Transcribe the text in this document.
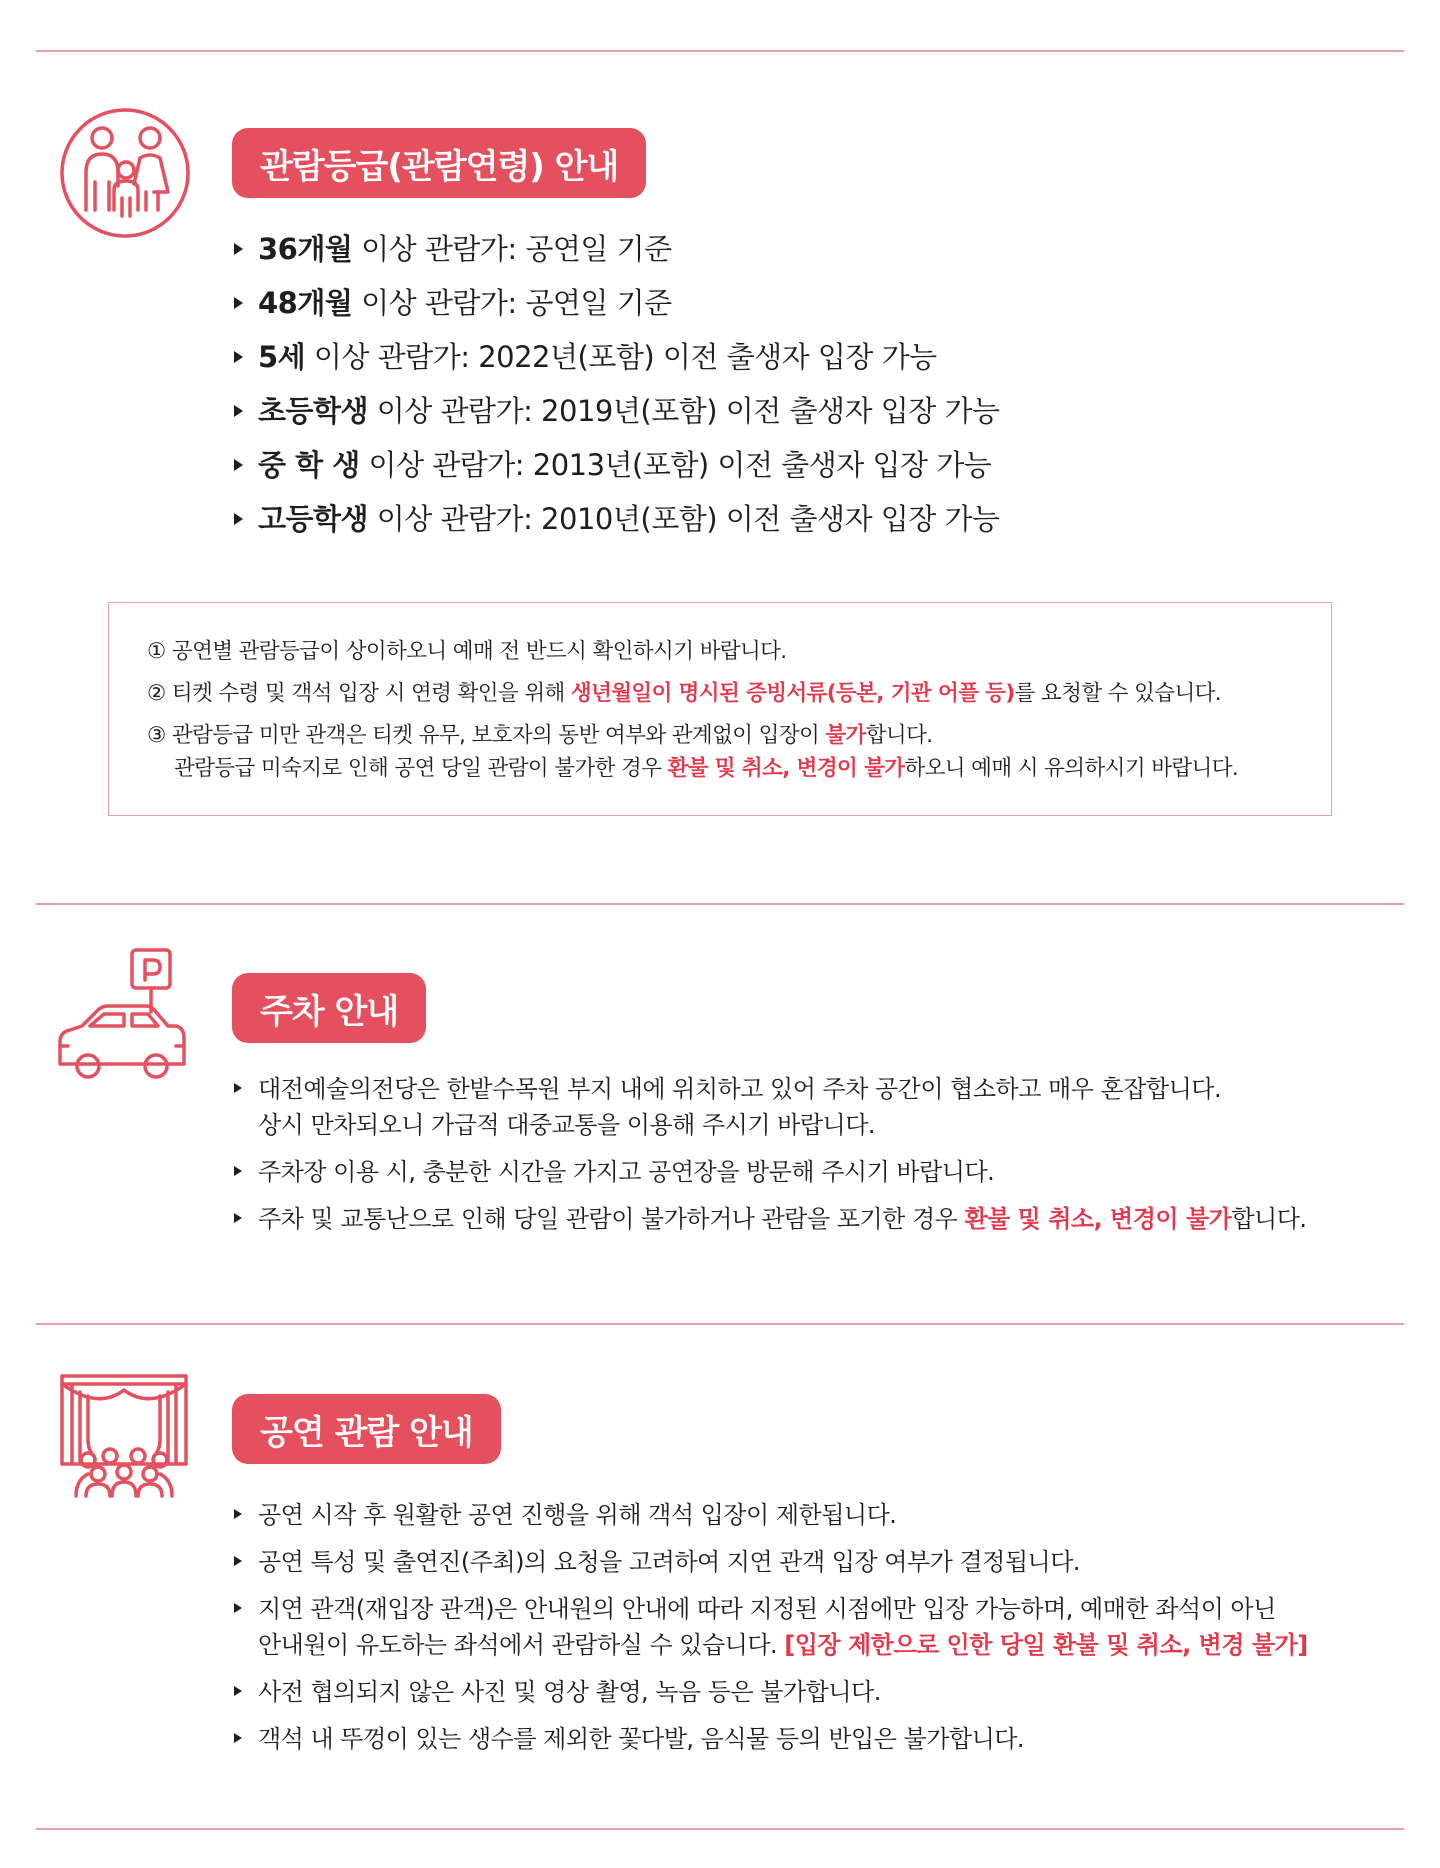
관람등급(관람연령) 안내
36개월 이상 관람가: 공연일 기준
48개월 이상 관람가: 공연일 기준
5세 이상 관람가: 2022년(포함) 이전 출생자 입장 가능
초등학생 이상 관람가: 2019년(포함) 이전 출생자 입장 가능
중 학 생 이상 관람가: 2013년(포함) 이전 출생자 입장 가능
고등학생 이상 관람가: 2010년(포함) 이전 출생자 입장 가능

① 공연별 관람등급이 상이하오니 예매 전 반드시 확인하시기 바랍니다.

② 티켓 수령 및 객석 입장 시 연령 확인을 위해 생년월일이 명시된 증빙서류(등본, 기관 어플 등)를 요청할 수 있습니다.

③ 관람등급 미만 관객은 티켓 유무, 보호자의 동반 여부와 관계없이 입장이 불가합니다.

관람등급 미숙지로 인해 공연 당일 관람이 불가한 경우 환불 및 취소, 변경이 불가하오니 예매 시 유의하시기 바랍니다.

주차 안내
대전예술의전당은 한밭수목원 부지 내에 위치하고 있어 주차 공간이 협소하고 매우 혼잡합니다.
상시 만차되오니 가급적 대중교통을 이용해 주시기 바랍니다.
주차장 이용 시, 충분한 시간을 가지고 공연장을 방문해 주시기 바랍니다.
주차 및 교통난으로 인해 당일 관람이 불가하거나 관람을 포기한 경우 환불 및 취소, 변경이 불가합니다.
공연 관람 안내
공연 시작 후 원활한 공연 진행을 위해 객석 입장이 제한됩니다.
공연 특성 및 출연진(주최)의 요청을 고려하여 지연 관객 입장 여부가 결정됩니다.
지연 관객(재입장 관객)은 안내원의 안내에 따라 지정된 시점에만 입장 가능하며, 예매한 좌석이 아닌
안내원이 유도하는 좌석에서 관람하실 수 있습니다. [입장 제한으로 인한 당일 환불 및 취소, 변경 불가]
사전 협의되지 않은 사진 및 영상 촬영, 녹음 등은 불가합니다.
객석 내 뚜껑이 있는 생수를 제외한 꽃다발, 음식물 등의 반입은 불가합니다.
